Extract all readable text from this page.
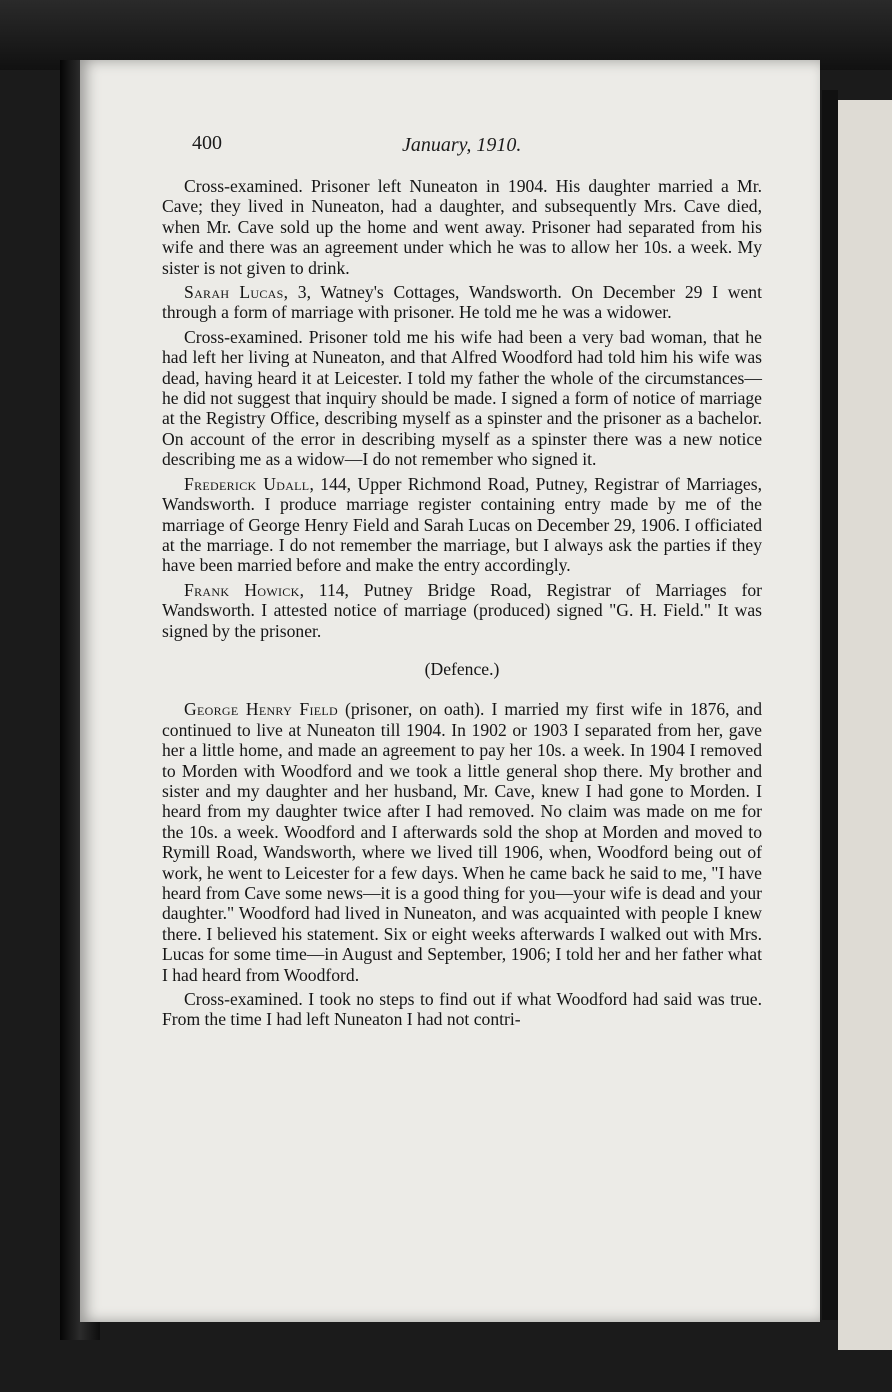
400	January, 1910.

Cross-examined. Prisoner left Nuneaton in 1904. His daughter married a Mr. Cave; they lived in Nuneaton, had a daughter, and subsequently Mrs. Cave died, when Mr. Cave sold up the home and went away. Prisoner had separated from his wife and there was an agreement under which he was to allow her 10s. a week. My sister is not given to drink.

Sarah Lucas, 3, Watney's Cottages, Wandsworth. On December 29 I went through a form of marriage with prisoner. He told me he was a widower.

Cross-examined. Prisoner told me his wife had been a very bad woman, that he had left her living at Nuneaton, and that Alfred Woodford had told him his wife was dead, having heard it at Leicester. I told my father the whole of the circumstances—he did not suggest that inquiry should be made. I signed a form of notice of marriage at the Registry Office, describing myself as a spinster and the prisoner as a bachelor. On account of the error in describing myself as a spinster there was a new notice describing me as a widow—I do not remember who signed it.

Frederick Udall, 144, Upper Richmond Road, Putney, Registrar of Marriages, Wandsworth. I produce marriage register containing entry made by me of the marriage of George Henry Field and Sarah Lucas on December 29, 1906. I officiated at the marriage. I do not remember the marriage, but I always ask the parties if they have been married before and make the entry accordingly.

Frank Howick, 114, Putney Bridge Road, Registrar of Marriages for Wandsworth. I attested notice of marriage (produced) signed "G. H. Field." It was signed by the prisoner.

(Defence.)

George Henry Field (prisoner, on oath). I married my first wife in 1876, and continued to live at Nuneaton till 1904. In 1902 or 1903 I separated from her, gave her a little home, and made an agreement to pay her 10s. a week. In 1904 I removed to Morden with Woodford and we took a little general shop there. My brother and sister and my daughter and her husband, Mr. Cave, knew I had gone to Morden. I heard from my daughter twice after I had removed. No claim was made on me for the 10s. a week. Woodford and I afterwards sold the shop at Morden and moved to Rymill Road, Wandsworth, where we lived till 1906, when, Woodford being out of work, he went to Leicester for a few days. When he came back he said to me, "I have heard from Cave some news—it is a good thing for you—your wife is dead and your daughter." Woodford had lived in Nuneaton, and was acquainted with people I knew there. I believed his statement. Six or eight weeks afterwards I walked out with Mrs. Lucas for some time—in August and September, 1906; I told her and her father what I had heard from Woodford.

Cross-examined. I took no steps to find out if what Woodford had said was true. From the time I had left Nuneaton I had not contri-
